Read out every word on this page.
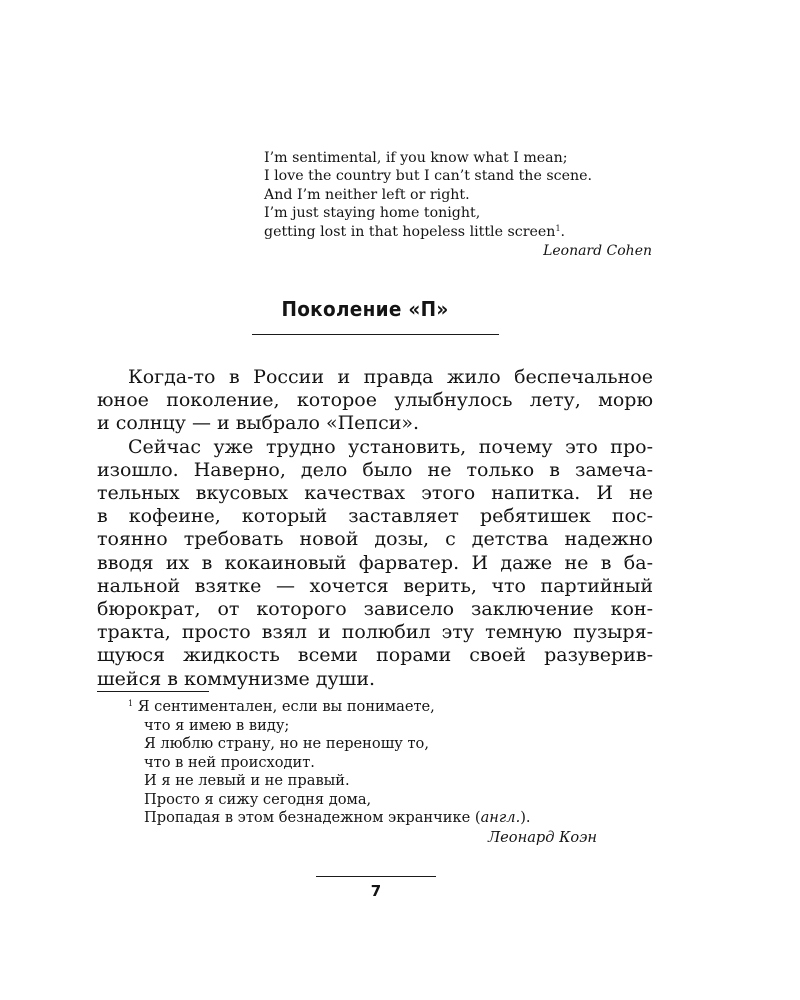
I’m sentimental, if you know what I mean;
I love the country but I can’t stand the scene.
And I’m neither left or right.
I’m just staying home tonight,
getting lost in that hopeless little screen$^1$.
Leonard Cohen
Поколение «П»
Когда-то в России и правда жило беспечальное
юное поколение, которое улыбнулось лету, морю
и солнцу — и выбрало «Пепси».
Сейчас уже трудно установить, почему это про-
изошло. Наверно, дело было не только в замеча-
тельных вкусовых качествах этого напитка. И не
в кофеине, который заставляет ребятишек пос-
тоянно требовать новой дозы, с детства надежно
вводя их в кокаиновый фарватер. И даже не в ба-
нальной взятке — хочется верить, что партийный
бюрократ, от которого зависело заключение кон-
тракта, просто взял и полюбил эту темную пузыря-
щуюся жидкость всеми порами своей разуверив-
шейся в коммунизме души.
$^1$ Я сентиментален, если вы понимаете,
что я имею в виду;
Я люблю страну, но не переношу то,
что в ней происходит.
И я не левый и не правый.
Просто я сижу сегодня дома,
Пропадая в этом безнадежном экранчике (англ.).
Леонард Коэн
7
